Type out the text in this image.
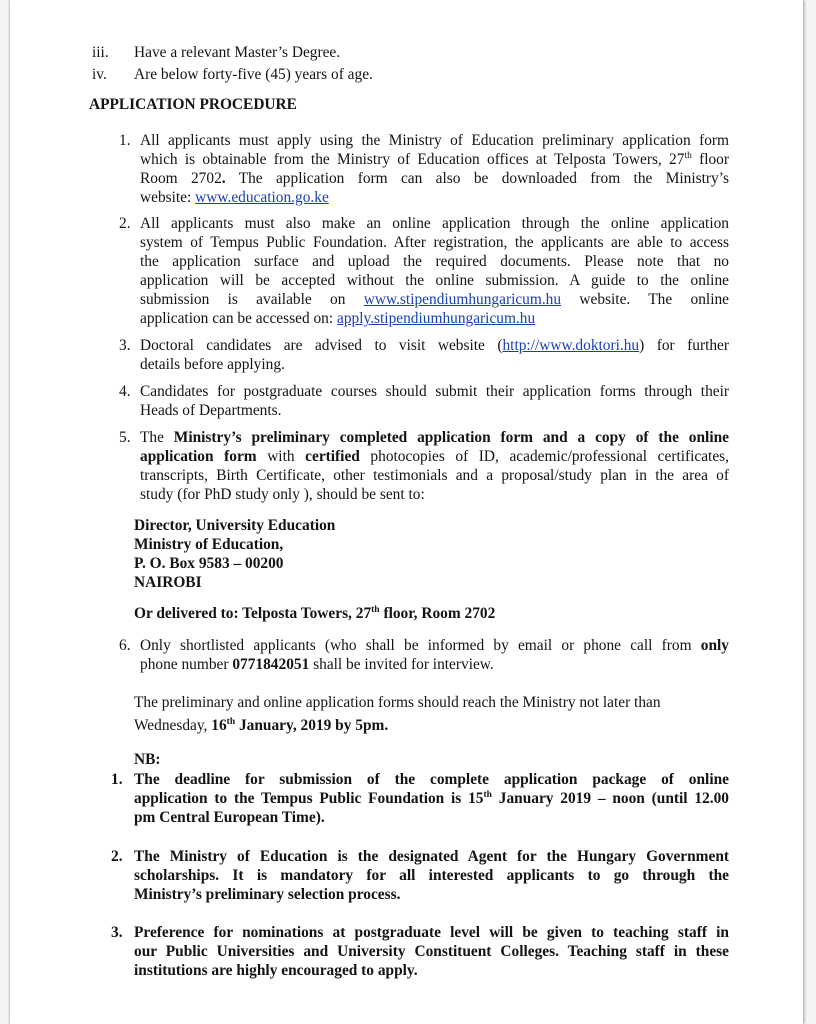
iii. Have a relevant Master’s Degree.
iv. Are below forty-five (45) years of age.
APPLICATION PROCEDURE
1. All applicants must apply using the Ministry of Education preliminary application form
which is obtainable from the Ministry of Education offices at Telposta Towers, 27th floor
Room 2702. The application form can also be downloaded from the Ministry’s
website: www.education.go.ke
2. All applicants must also make an online application through the online application
system of Tempus Public Foundation. After registration, the applicants are able to access
the application surface and upload the required documents. Please note that no
application will be accepted without the online submission. A guide to the online
submission is available on www.stipendiumhungaricum.hu website. The online
application can be accessed on: apply.stipendiumhungaricum.hu
3. Doctoral candidates are advised to visit website (http://www.doktori.hu) for further
details before applying.
4. Candidates for postgraduate courses should submit their application forms through their
Heads of Departments.
5. The Ministry’s preliminary completed application form and a copy of the online
application form with certified photocopies of ID, academic/professional certificates,
transcripts, Birth Certificate, other testimonials and a proposal/study plan in the area of
study (for PhD study only ), should be sent to:
Director, University Education
Ministry of Education,
P. O. Box 9583 – 00200
NAIROBI
Or delivered to: Telposta Towers, 27th floor, Room 2702
6. Only shortlisted applicants (who shall be informed by email or phone call from only
phone number 0771842051 shall be invited for interview.
The preliminary and online application forms should reach the Ministry not later than
Wednesday, 16th January, 2019 by 5pm.
NB:
1. The deadline for submission of the complete application package of online
application to the Tempus Public Foundation is 15th January 2019 – noon (until 12.00
pm Central European Time).
2. The Ministry of Education is the designated Agent for the Hungary Government
scholarships. It is mandatory for all interested applicants to go through the
Ministry’s preliminary selection process.
3. Preference for nominations at postgraduate level will be given to teaching staff in
our Public Universities and University Constituent Colleges. Teaching staff in these
institutions are highly encouraged to apply.
